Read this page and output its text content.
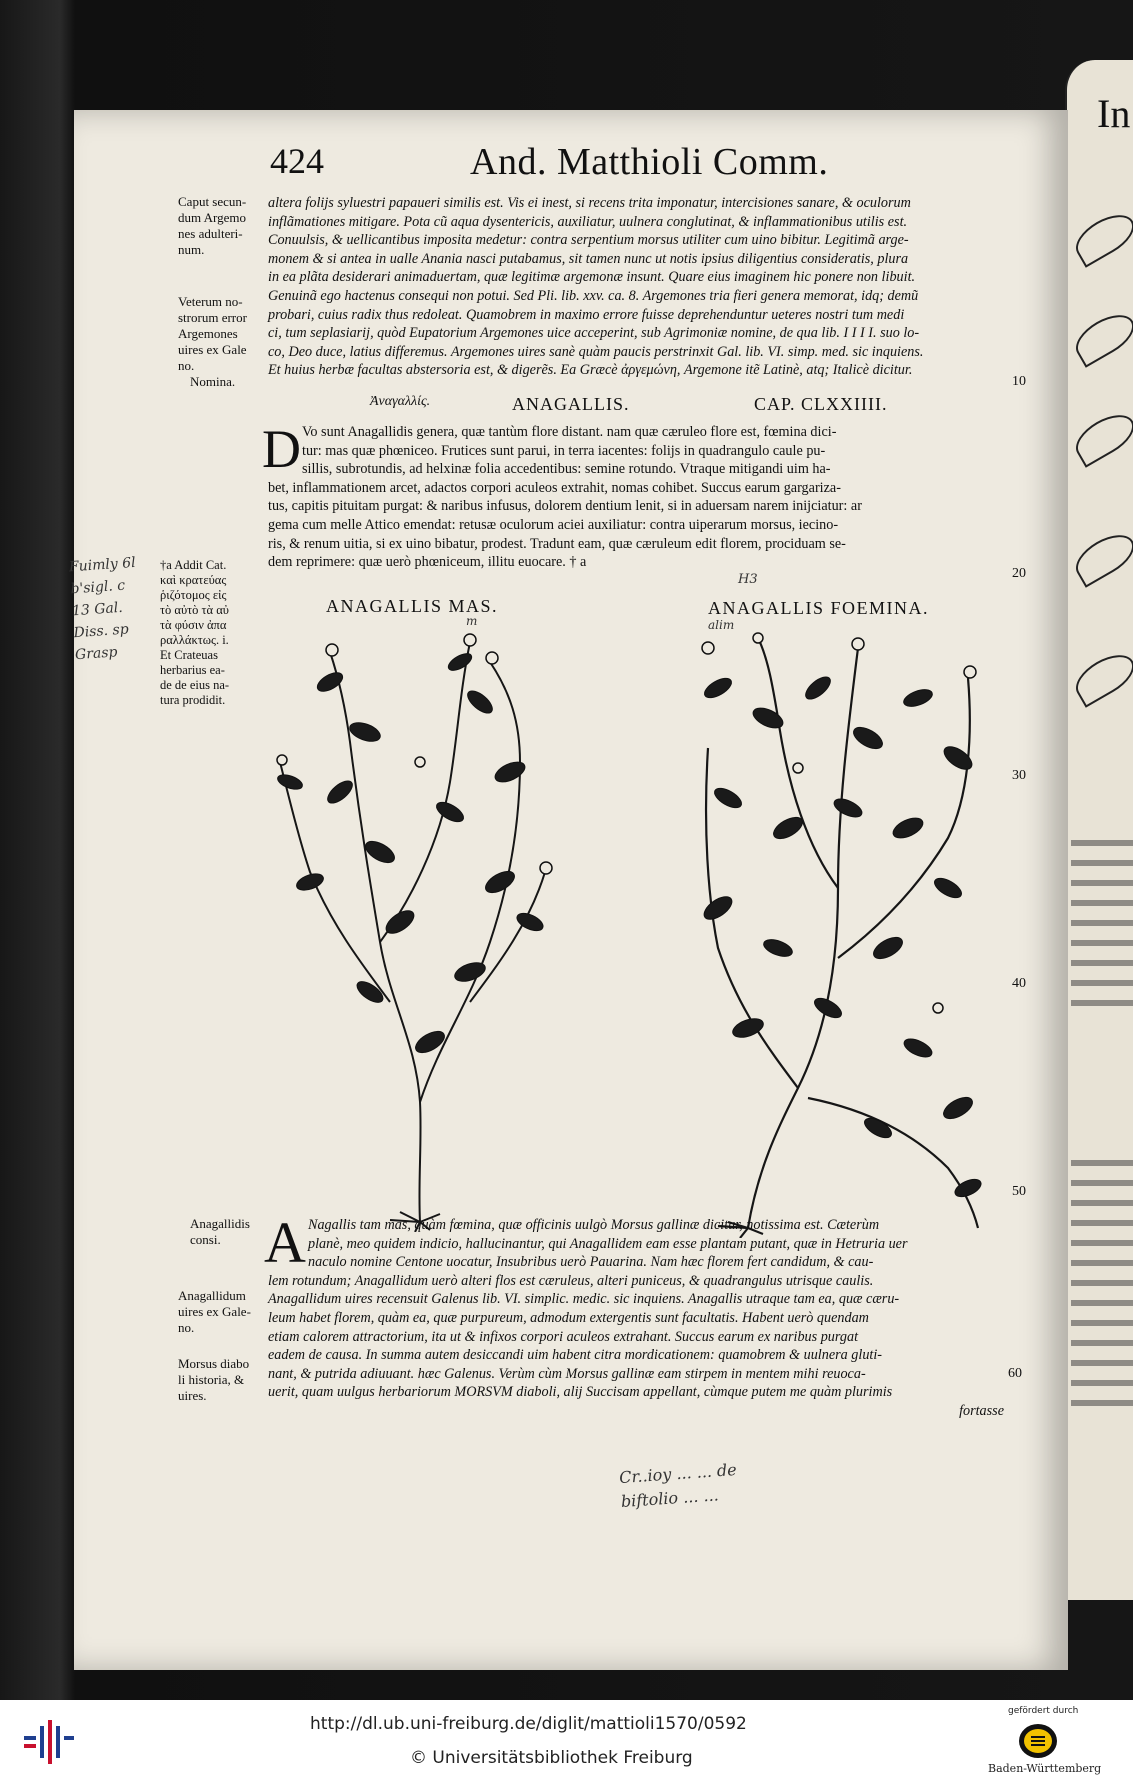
In
424	And. Matthioli Comm.
Caput secun-
dum Argemo
nes adulteri-
num.
Veterum no-
strorum error
Argemones
uires ex Gale
no.
Nomina.
†a Addit Cat.
καὶ κρατεύας
ῥιζότομος εἰς
τὸ αὐτὸ τὰ αὐ
τὰ φύσιν ἀπα
ραλλάκτως. i.
Et Crateuas
herbarius ea-
de de eius na-
tura prodidit.
Anagallidis
consi.
Anagallidum
uires ex Gale-
no.
Morsus diabo
li historia, &
uires.
altera folijs syluestri papaueri similis est. Vis ei inest, si recens trita imponatur, intercisiones sanare, & oculorum
inflãmationes mitigare. Pota cũ aqua dysentericis, auxiliatur, uulnera conglutinat, & inflammationibus utilis est.
Conuulsis, & uellicantibus imposita medetur: contra serpentium morsus utiliter cum uino bibitur. Legitimã arge-
monem & si antea in ualle Anania nasci putabamus, sit tamen nunc ut notis ipsius diligentius consideratis, plura
in ea plãta desiderari animaduertam, quæ legitimæ argemonæ insunt. Quare eius imaginem hic ponere non libuit.
Genuinã ego hactenus consequi non potui. Sed Pli. lib. xxv. ca. 8. Argemones tria fieri genera memorat, idq; demũ
probari, cuius radix thus redoleat. Quamobrem in maximo errore fuisse deprehenduntur ueteres nostri tum medi
ci, tum seplasiarij, quòd Eupatorium Argemones uice acceperint, sub Agrimoniæ nomine, de qua lib. I I I I. suo lo-
co, Deo duce, latius differemus. Argemones uires sanè quàm paucis perstrinxit Gal. lib. VI. simp. med. sic inquiens.
Et huius herbæ facultas abstersoria est, & digerẽs. Ea Græcè ἀργεμώνη, Argemone itẽ Latinè, atq; Italicè dicitur.
Ἀναγαλλίς.	ANAGALLIS.	CAP. CLXXIIII.
D Vo sunt Anagallidis genera, quæ tantùm flore distant. nam quæ cæruleo flore est, fœmina dici-
tur: mas quæ phœniceo. Frutices sunt parui, in terra iacentes: folijs in quadrangulo caule pu-
sillis, subrotundis, ad helxinæ folia accedentibus: semine rotundo. Vtraque mitigandi uim ha-
bet, inflammationem arcet, adactos corpori aculeos extrahit, nomas cohibet. Succus earum gargariza-
tus, capitis pituitam purgat: & naribus infusus, dolorem dentium lenit, si in aduersam narem inijciatur: ar
gema cum melle Attico emendat: retusæ oculorum aciei auxiliatur: contra uiperarum morsus, iecino-
ris, & renum uitia, si ex uino bibatur, prodest. Tradunt eam, quæ cæruleum edit florem, prociduam se-
dem reprimere: quæ uerò phœniceum, illitu euocare. † a
ANAGALLIS MAS.	ANAGALLIS FOEMINA.
A Nagallis tam mas, quàm fœmina, quæ officinis uulgò Morsus gallinæ dicitur, notissima est. Cæterùm
planè, meo quidem indicio, hallucinantur, qui Anagallidem eam esse plantam putant, quæ in Hetruria uer
naculo nomine Centone uocatur, Insubribus uerò Pauarina. Nam hæc florem fert candidum, & cau-
lem rotundum; Anagallidum uerò alteri flos est cæruleus, alteri puniceus, & quadrangulus utrisque caulis.
Anagallidum uires recensuit Galenus lib. VI. simplic. medic. sic inquiens. Anagallis utraque tam ea, quæ cæru-
leum habet florem, quàm ea, quæ purpureum, admodum extergentis sunt facultatis. Habent uerò quendam
etiam calorem attractorium, ita ut & infixos corpori aculeos extrahant. Succus earum ex naribus purgat
eadem de causa. In summa autem desiccandi uim habent citra mordicationem: quamobrem & uulnera gluti-
nant, & putrida adiuuant. hæc Galenus. Verùm cùm Morsus gallinæ eam stirpem in mentem mihi reuoca-
uerit, quam uulgus herbariorum MORSVM diaboli, alij Succisam appellant, cùmque putem me quàm plurimis
fortasse
10
20
30
40
50
60
Fuimly 6l
b'sigl. c
13 Gal.
Diss. sp
Grasp
Cr..ioy ... ... de
biftolio ... ...
H3
m	alim
http://dl.ub.uni-freiburg.de/diglit/mattioli1570/0592
© Universitätsbibliothek Freiburg
gefördert durch
Baden-Württemberg
